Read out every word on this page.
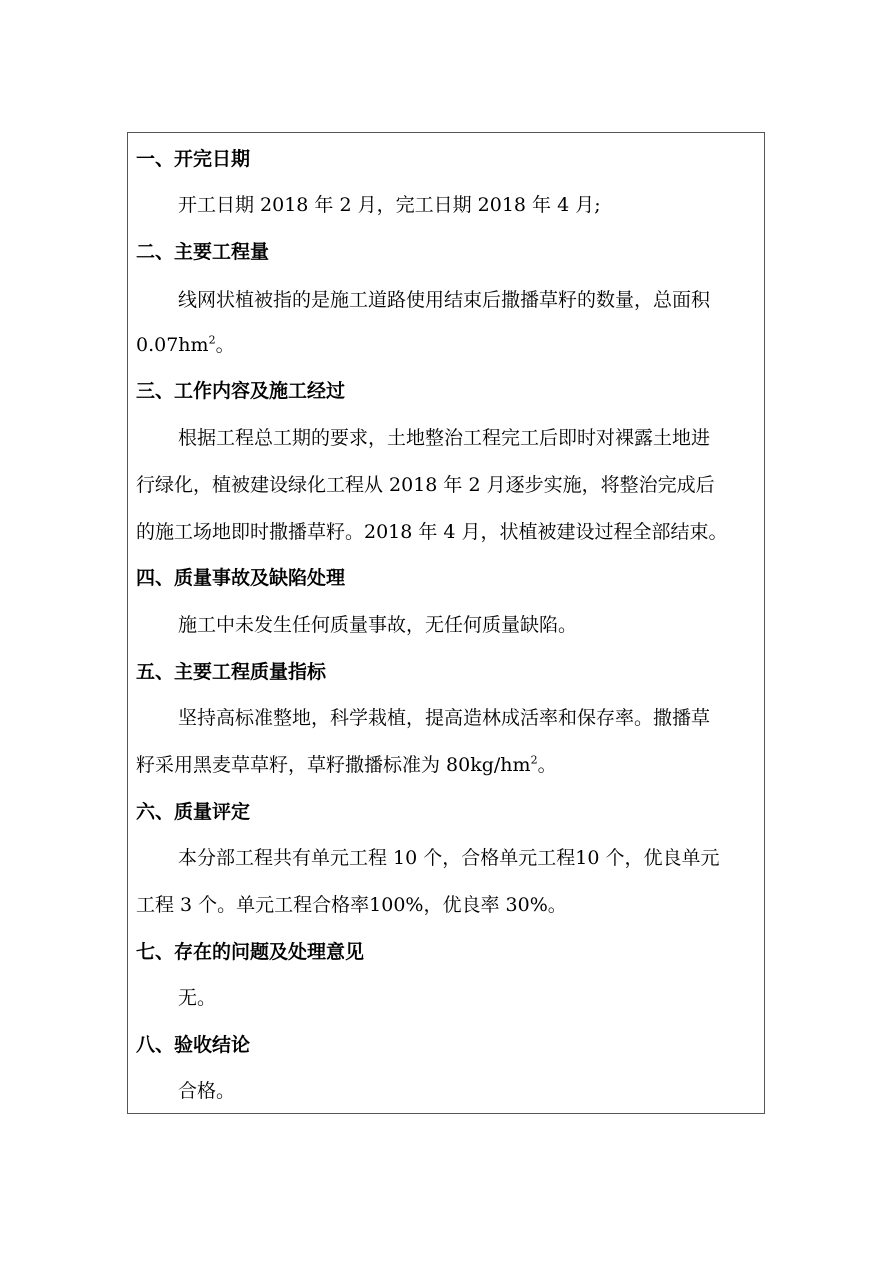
一、开完日期
开工日期 2018 年 2 月，完工日期 2018 年 4 月;
二、主要工程量
线网状植被指的是施工道路使用结束后撒播草籽的数量，总面积
$0.07hm^2$。
三、工作内容及施工经过
根据工程总工期的要求，土地整治工程完工后即时对裸露土地进
行绿化，植被建设绿化工程从 2018 年 2 月逐步实施，将整治完成后
的施工场地即时撒播草籽。2018 年 4 月，状植被建设过程全部结束。
四、质量事故及缺陷处理
施工中未发生任何质量事故，无任何质量缺陷。
五、主要工程质量指标
坚持高标准整地，科学栽植，提高造林成活率和保存率。撒播草
籽采用黑麦草草籽，草籽撒播标准为 $80kg/hm^2$。
六、质量评定
本分部工程共有单元工程 10 个，合格单元工程10 个，优良单元
工程 3 个。单元工程合格率100%，优良率 30%。
七、存在的问题及处理意见
无。
八、验收结论
合格。
